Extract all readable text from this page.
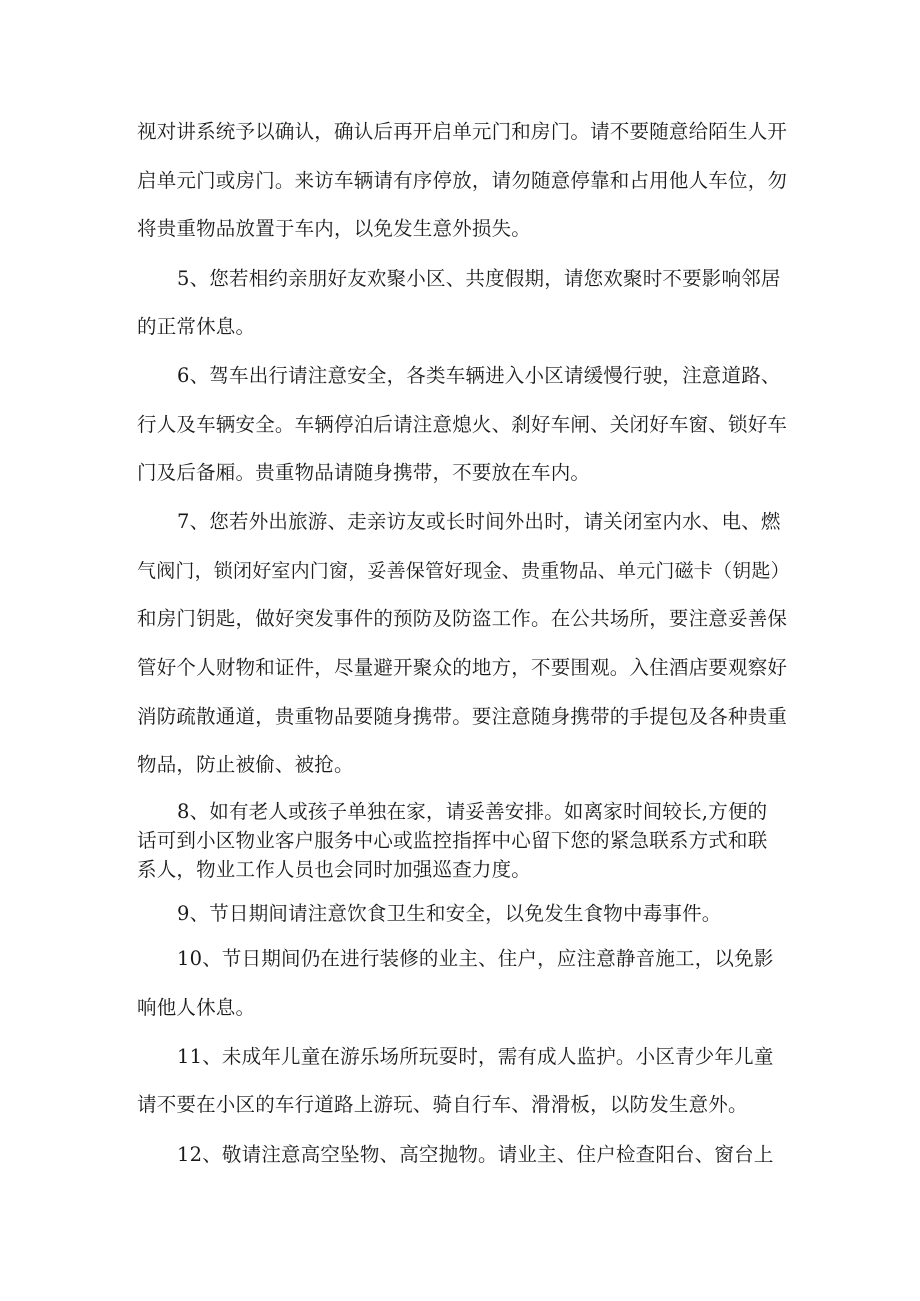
视对讲系统予以确认，确认后再开启单元门和房门。请不要随意给陌生人开

启单元门或房门。来访车辆请有序停放，请勿随意停靠和占用他人车位，勿

将贵重物品放置于车内，以免发生意外损失。

5、您若相约亲朋好友欢聚小区、共度假期，请您欢聚时不要影响邻居

的正常休息。

6、驾车出行请注意安全，各类车辆进入小区请缓慢行驶，注意道路、

行人及车辆安全。车辆停泊后请注意熄火、刹好车闸、关闭好车窗、锁好车

门及后备厢。贵重物品请随身携带，不要放在车内。

7、您若外出旅游、走亲访友或长时间外出时，请关闭室内水、电、燃

气阀门，锁闭好室内门窗，妥善保管好现金、贵重物品、单元门磁卡（钥匙）

和房门钥匙，做好突发事件的预防及防盗工作。在公共场所，要注意妥善保

管好个人财物和证件，尽量避开聚众的地方，不要围观。入住酒店要观察好

消防疏散通道，贵重物品要随身携带。要注意随身携带的手提包及各种贵重

物品，防止被偷、被抢。

8、如有老人或孩子单独在家，请妥善安排。如离家时间较长,方便的

话可到小区物业客户服务中心或监控指挥中心留下您的紧急联系方式和联

系人，物业工作人员也会同时加强巡查力度。

9、节日期间请注意饮食卫生和安全，以免发生食物中毒事件。

10、节日期间仍在进行装修的业主、住户，应注意静音施工，以免影

响他人休息。

11、未成年儿童在游乐场所玩耍时，需有成人监护。小区青少年儿童

请不要在小区的车行道路上游玩、骑自行车、滑滑板，以防发生意外。

12、敬请注意高空坠物、高空抛物。请业主、住户检查阳台、窗台上
